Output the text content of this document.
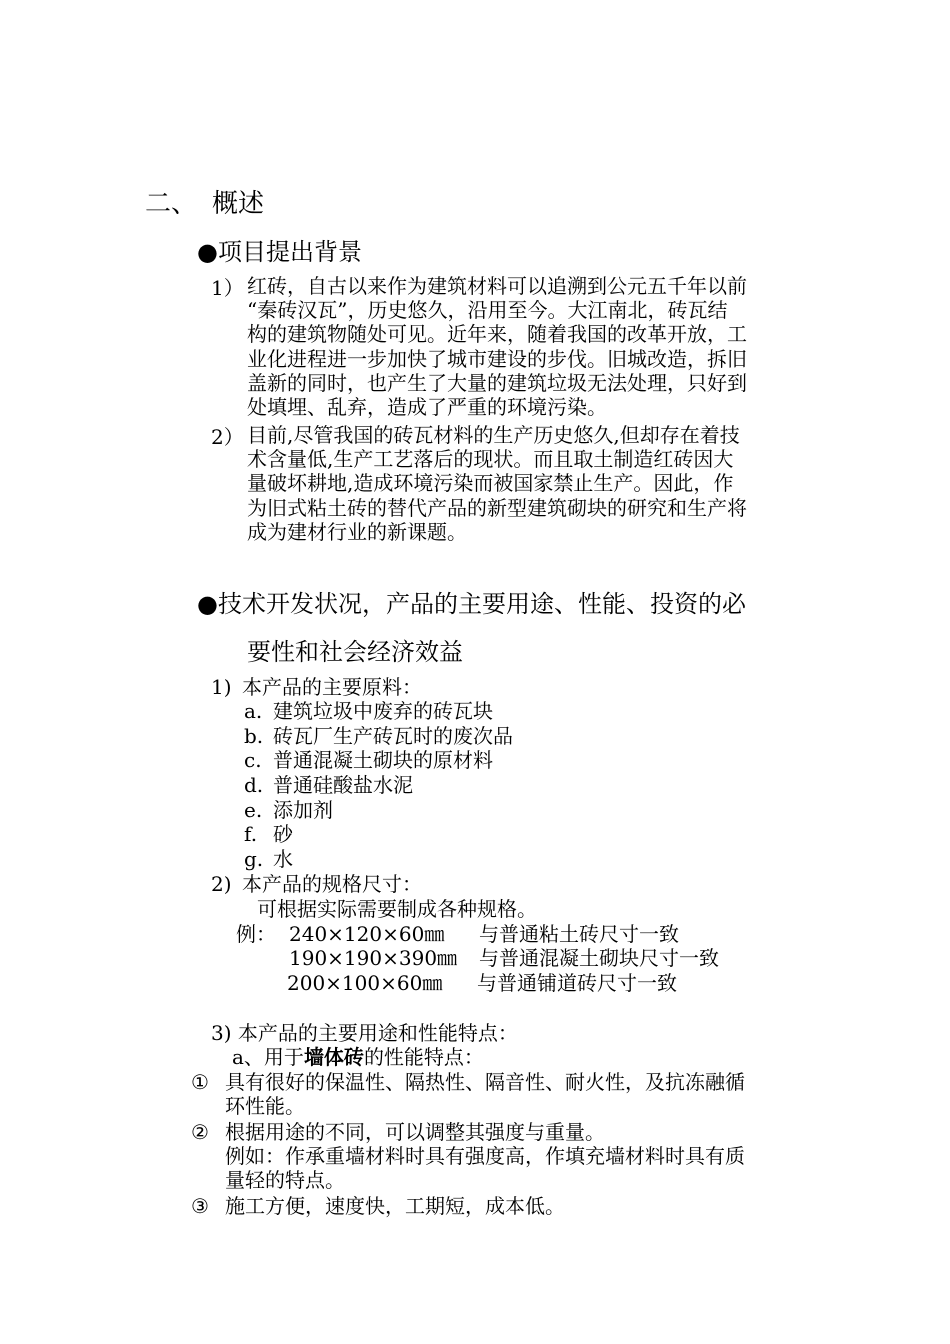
二、 概述
●项目提出背景
1） 红砖，自古以来作为建筑材料可以追溯到公元五千年以前
“秦砖汉瓦”，历史悠久，沿用至今。大江南北，砖瓦结
构的建筑物随处可见。近年来，随着我国的改革开放，工
业化进程进一步加快了城市建设的步伐。旧城改造，拆旧
盖新的同时，也产生了大量的建筑垃圾无法处理，只好到
处填埋、乱弃，造成了严重的环境污染。
2） 目前,尽管我国的砖瓦材料的生产历史悠久,但却存在着技
术含量低,生产工艺落后的现状。而且取土制造红砖因大
量破坏耕地,造成环境污染而被国家禁止生产。因此，作
为旧式粘土砖的替代产品的新型建筑砌块的研究和生产将
成为建材行业的新课题。
●技术开发状况，产品的主要用途、性能、投资的必
要性和社会经济效益
1) 本产品的主要原料：
a. 建筑垃圾中废弃的砖瓦块
b. 砖瓦厂生产砖瓦时的废次品
c. 普通混凝土砌块的原材料
d. 普通硅酸盐水泥
e. 添加剂
f. 砂
g. 水
2) 本产品的规格尺寸：
可根据实际需要制成各种规格。
例： 240×120×60㎜ 与普通粘土砖尺寸一致
190×190×390㎜ 与普通混凝土砌块尺寸一致
200×100×60㎜ 与普通铺道砖尺寸一致
3) 本产品的主要用途和性能特点：
a、用于墙体砖的性能特点：
① 具有很好的保温性、隔热性、隔音性、耐火性，及抗冻融循
环性能。
② 根据用途的不同，可以调整其强度与重量。
例如：作承重墙材料时具有强度高，作填充墙材料时具有质
量轻的特点。
③ 施工方便，速度快，工期短，成本低。
